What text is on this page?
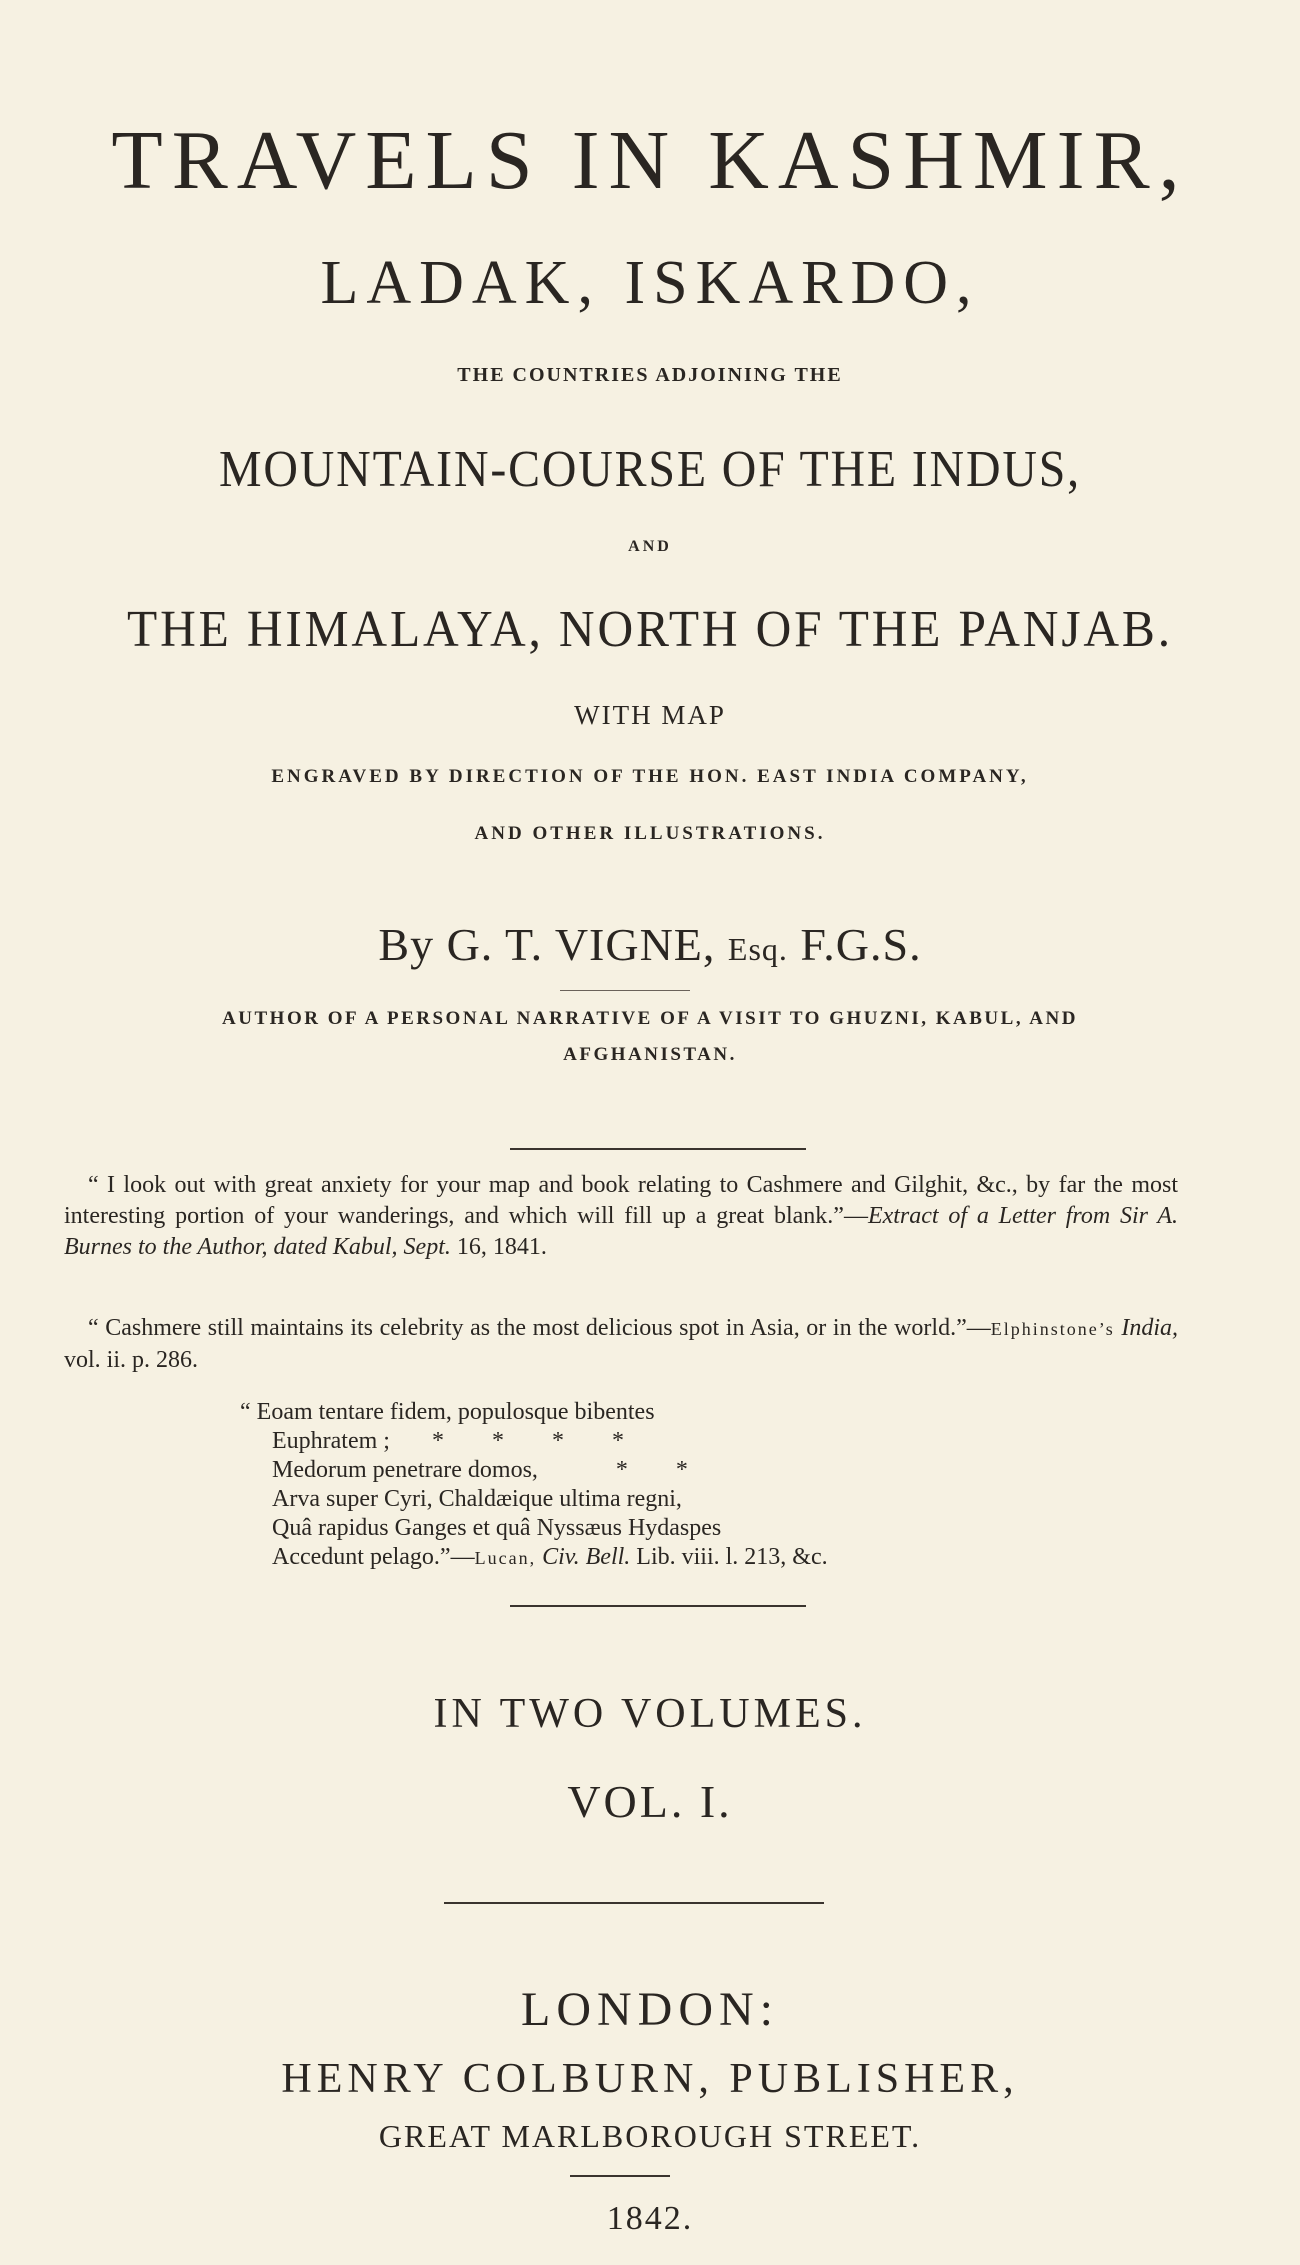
TRAVELS IN KASHMIR,
LADAK, ISKARDO,
THE COUNTRIES ADJOINING THE
MOUNTAIN-COURSE OF THE INDUS,
AND
THE HIMALAYA, NORTH OF THE PANJAB.
WITH MAP
ENGRAVED BY DIRECTION OF THE HON. EAST INDIA COMPANY,
AND OTHER ILLUSTRATIONS.
By G. T. VIGNE, Esq. F.G.S.
AUTHOR OF A PERSONAL NARRATIVE OF A VISIT TO GHUZNI, KABUL, AND
AFGHANISTAN.
“ I look out with great anxiety for your map and book relating to Cashmere and Gilghit, &c., by far the most interesting portion of your wanderings, and which will fill up a great blank.”—Extract of a Letter from Sir A. Burnes to the Author, dated Kabul, Sept. 16, 1841.
“ Cashmere still maintains its celebrity as the most delicious spot in Asia, or in the world.”—Elphinstone’s India, vol. ii. p. 286.
“ Eoam tentare fidem, populosque bibentes
Euphratem ;       *        *        *        *
Medorum penetrare domos,             *        *
Arva super Cyri, Chaldæique ultima regni,
Quâ rapidus Ganges et quâ Nyssæus Hydaspes
Accedunt pelago.”—Lucan, Civ. Bell. Lib. viii. l. 213, &c.
IN TWO VOLUMES.
VOL. I.
LONDON:
HENRY COLBURN, PUBLISHER,
GREAT MARLBOROUGH STREET.
1842.
